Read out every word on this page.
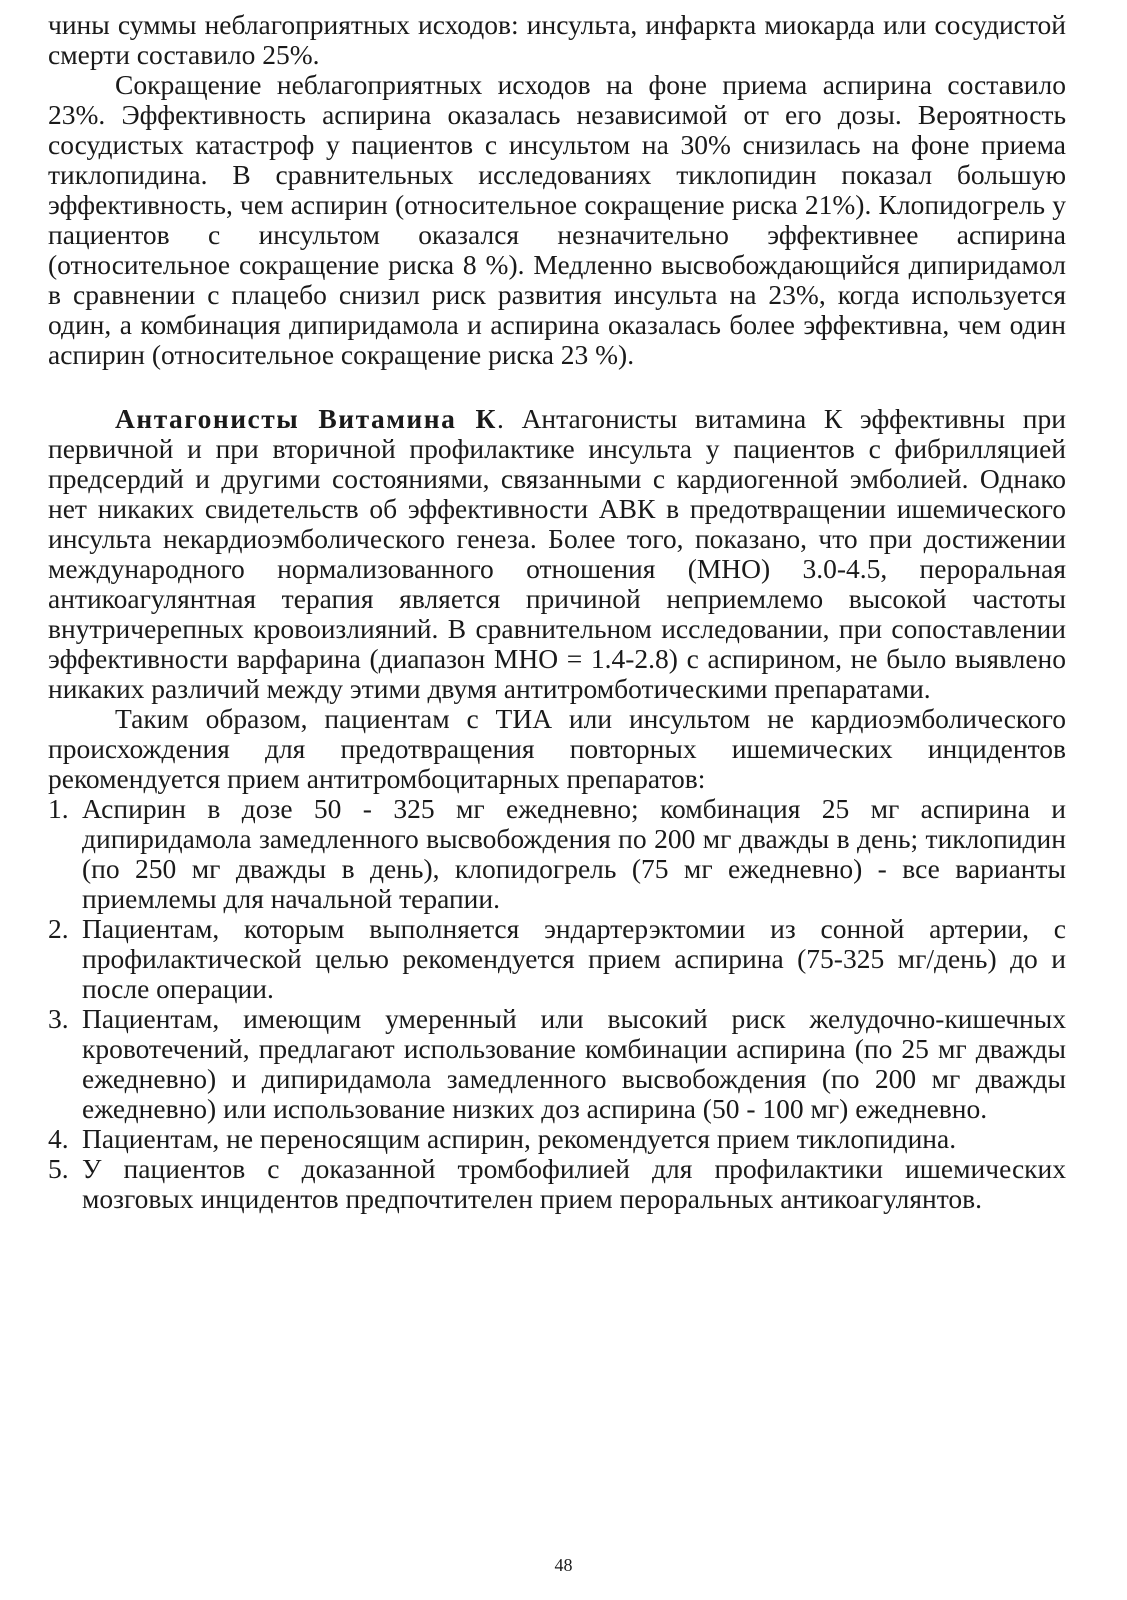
чины суммы неблагоприятных исходов: инсульта, инфаркта миокарда или сосудистой смерти составило 25%.

Сокращение неблагоприятных исходов на фоне приема аспирина составило 23%. Эффективность аспирина оказалась независимой от его дозы. Вероятность сосудистых катастроф у пациентов с инсультом на 30% снизилась на фоне приема тиклопидина. В сравнительных исследованиях тиклопидин показал большую эффективность, чем аспирин (относительное сокращение риска 21%). Клопидогрель у пациентов с инсультом оказался незначительно эффективнее аспирина (относительное сокращение риска 8 %). Медленно высвобождающийся дипиридамол в сравнении с плацебо снизил риск развития инсульта на 23%, когда используется один, а комбинация дипиридамола и аспирина оказалась более эффективна, чем один аспирин (относительное сокращение риска 23 %).

Антагонисты Витамина К. Антагонисты витамина К эффективны при первичной и при вторичной профилактике инсульта у пациентов с фибрилляцией предсердий и другими состояниями, связанными с кардиогенной эмболией. Однако нет никаких свидетельств об эффективности АВК в предотвращении ишемического инсульта некардиоэмболического генеза. Более того, показано, что при достижении международного нормализованного отношения (МНО) 3.0-4.5, пероральная антикоагулянтная терапия является причиной неприемлемо высокой частоты внутричерепных кровоизлияний. В сравнительном исследовании, при сопоставлении эффективности варфарина (диапазон МНО = 1.4-2.8) с аспирином, не было выявлено никаких различий между этими двумя антитромботическими препаратами.

Таким образом, пациентам с ТИА или инсультом не кардиоэмболического происхождения для предотвращения повторных ишемических инцидентов рекомендуется прием антитромбоцитарных препаратов:

1. Аспирин в дозе 50 - 325 мг ежедневно; комбинация 25 мг аспирина и дипиридамола замедленного высвобождения по 200 мг дважды в день; тиклопидин (по 250 мг дважды в день), клопидогрель (75 мг ежедневно) - все варианты приемлемы для начальной терапии.
2. Пациентам, которым выполняется эндартерэктомии из сонной артерии, с профилактической целью рекомендуется прием аспирина (75-325 мг/день) до и после операции.
3. Пациентам, имеющим умеренный или высокий риск желудочно-кишечных кровотечений, предлагают использование комбинации аспирина (по 25 мг дважды ежедневно) и дипиридамола замедленного высвобождения (по 200 мг дважды ежедневно) или использование низких доз аспирина (50 - 100 мг) ежедневно.
4. Пациентам, не переносящим аспирин, рекомендуется прием тиклопидина.
5. У пациентов с доказанной тромбофилией для профилактики ишемических мозговых инцидентов предпочтителен прием пероральных антикоагулянтов.
48
